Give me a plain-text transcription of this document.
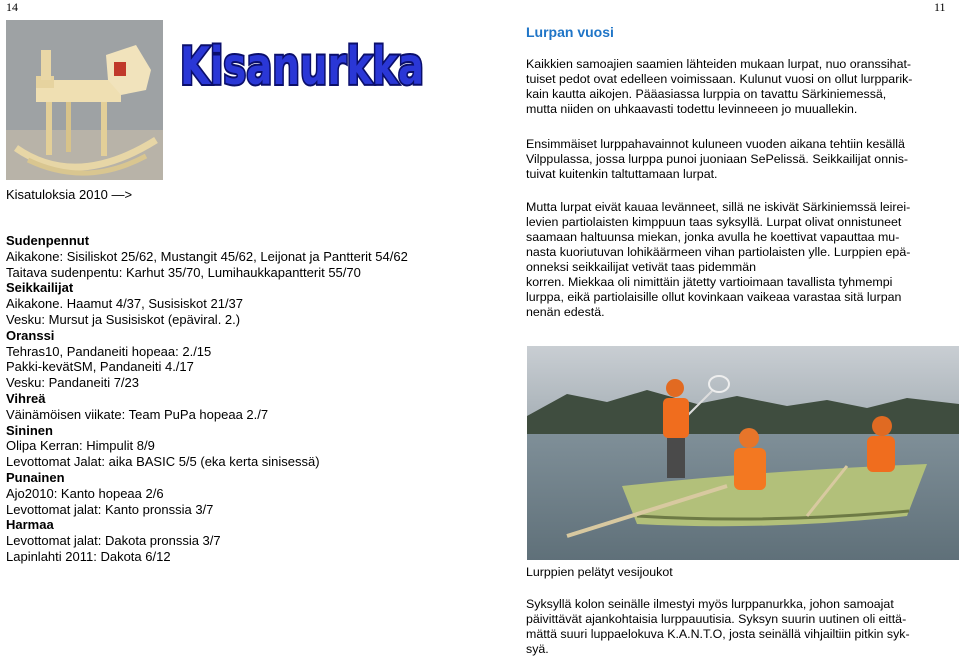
14	11
Kisanurkka
Kisatuloksia 2010 —>
Sudenpennut
Aikakone: Sisiliskot 25/62, Mustangit 45/62, Leijonat ja Pantterit 54/62
Taitava sudenpentu: Karhut 35/70, Lumihaukkapantterit 55/70
Seikkailijat
Aikakone. Haamut 4/37, Susisiskot 21/37
Vesku: Mursut ja Susisiskot (epäviral. 2.)
Oranssi
Tehras10, Pandaneiti hopeaa: 2./15
Pakki-kevätSM, Pandaneiti 4./17
Vesku: Pandaneiti 7/23
Vihreä
Väinämöisen viikate: Team PuPa hopeaa 2./7
Sininen
Olipa Kerran: Himpulit 8/9
Levottomat Jalat: aika BASIC 5/5 (eka kerta sinisessä)
Punainen
Ajo2010: Kanto hopeaa 2/6
Levottomat jalat: Kanto pronssia 3/7
Harmaa
Levottomat jalat: Dakota pronssia 3/7
Lapinlahti 2011: Dakota 6/12
Lurpan vuosi
Kaikkien samoajien saamien lähteiden mukaan lurpat, nuo oranssihat-
tuiset pedot ovat edelleen voimissaan. Kulunut vuosi on ollut lurpparik-
kain kautta aikojen. Pääasiassa lurppia on tavattu Särkiniemessä,
mutta niiden on uhkaavasti todettu levinneeen jo muuallekin.
Ensimmäiset lurppahavainnot kuluneen vuoden aikana tehtiin kesällä
Vilppulassa, jossa lurppa punoi juoniaan SePelissä. Seikkailijat onnis-
tuivat kuitenkin taltuttamaan lurpat.
Mutta lurpat eivät kauaa levänneet, sillä ne iskivät Särkiniemssä leirei-
levien partiolaisten kimppuun taas syksyllä. Lurpat olivat onnistuneet
saamaan haltuunsa miekan, jonka avulla he koettivat vapauttaa mu-
nasta kuoriutuvan lohikäärmeen vihan partiolaisten ylle. Lurppien epä-
onneksi seikkailijat vetivät taas pidemmän
korren. Miekkaa oli nimittäin jätetty vartioimaan tavallista tyhmempi
lurppa, eikä partiolaisille ollut kovinkaan vaikeaa varastaa sitä lurpan
nenän edestä.
Lurppien pelätyt vesijoukot
Syksyllä kolon seinälle ilmestyi myös lurppanurkka, johon samoajat
päivittävät ajankohtaisia lurppauutisia. Syksyn suurin uutinen oli eittä-
mättä suuri luppaelokuva K.A.N.T.O, josta seinällä vihjailtiin pitkin syk-
syä.
